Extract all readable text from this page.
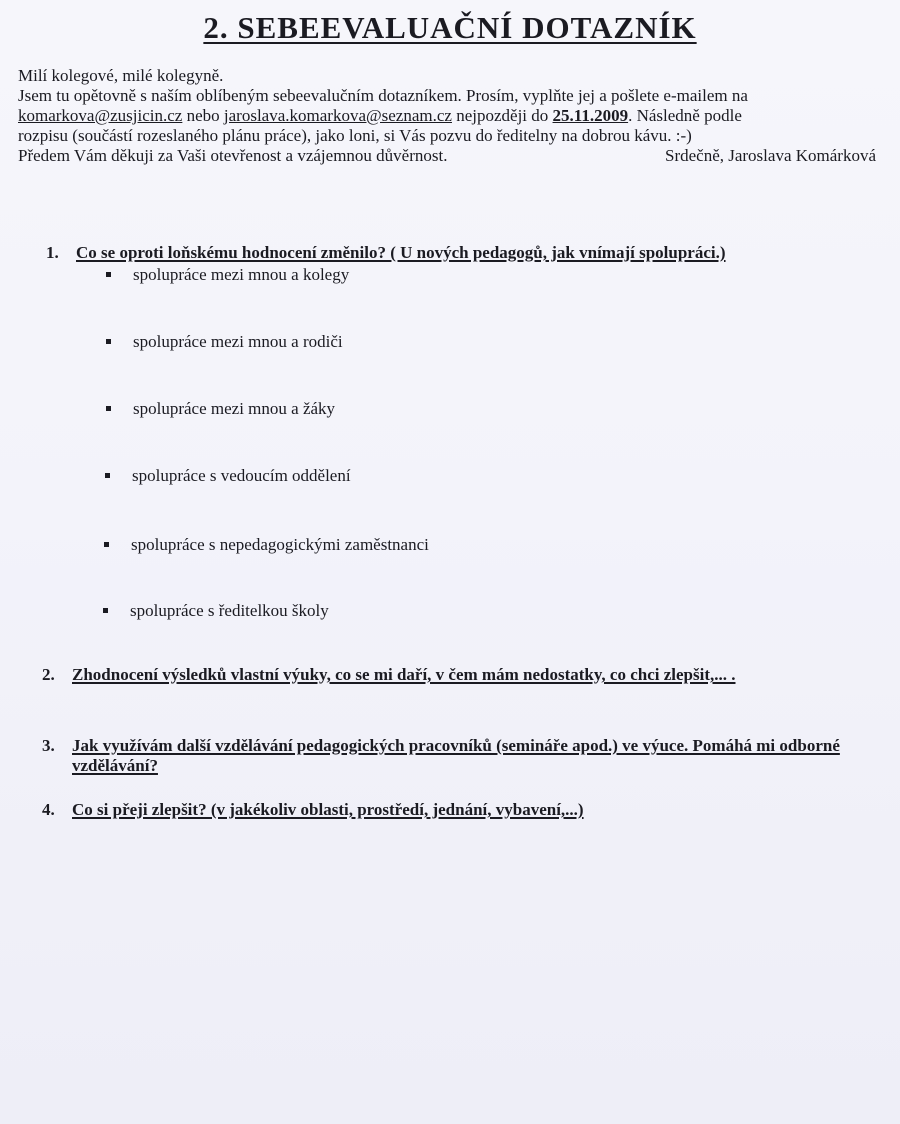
2. SEBEEVALUAČNÍ DOTAZNÍK
Milí kolegové, milé kolegyně.
Jsem tu opětovně s naším oblíbeným sebeevalučním dotazníkem. Prosím, vyplňte jej a pošlete e-mailem na
komarkova@zusjicin.cz nebo jaroslava.komarkova@seznam.cz nejpozději do 25.11.2009. Následně podle
rozpisu (součástí rozeslaného plánu práce), jako loni, si Vás pozvu do ředitelny na dobrou kávu. :-)
Předem Vám děkuji za Vaši otevřenost a vzájemnou důvěrnost.	Srdečně, Jaroslava Komárková
1. Co se oproti loňskému hodnocení změnilo? ( U nových pedagogů, jak vnímají spolupráci.)
spolupráce mezi mnou a kolegy
spolupráce mezi mnou a rodiči
spolupráce mezi mnou a žáky
spolupráce s vedoucím oddělení
spolupráce s nepedagogickými zaměstnanci
spolupráce s ředitelkou školy
2. Zhodnocení výsledků vlastní výuky, co se mi daří, v čem mám nedostatky, co chci zlepšit,... .
3. Jak využívám další vzdělávání pedagogických pracovníků (semináře apod.) ve výuce. Pomáhá mi odborné vzdělávání?
4. Co si přeji zlepšit? (v jakékoliv oblasti, prostředí, jednání, vybavení,...)
